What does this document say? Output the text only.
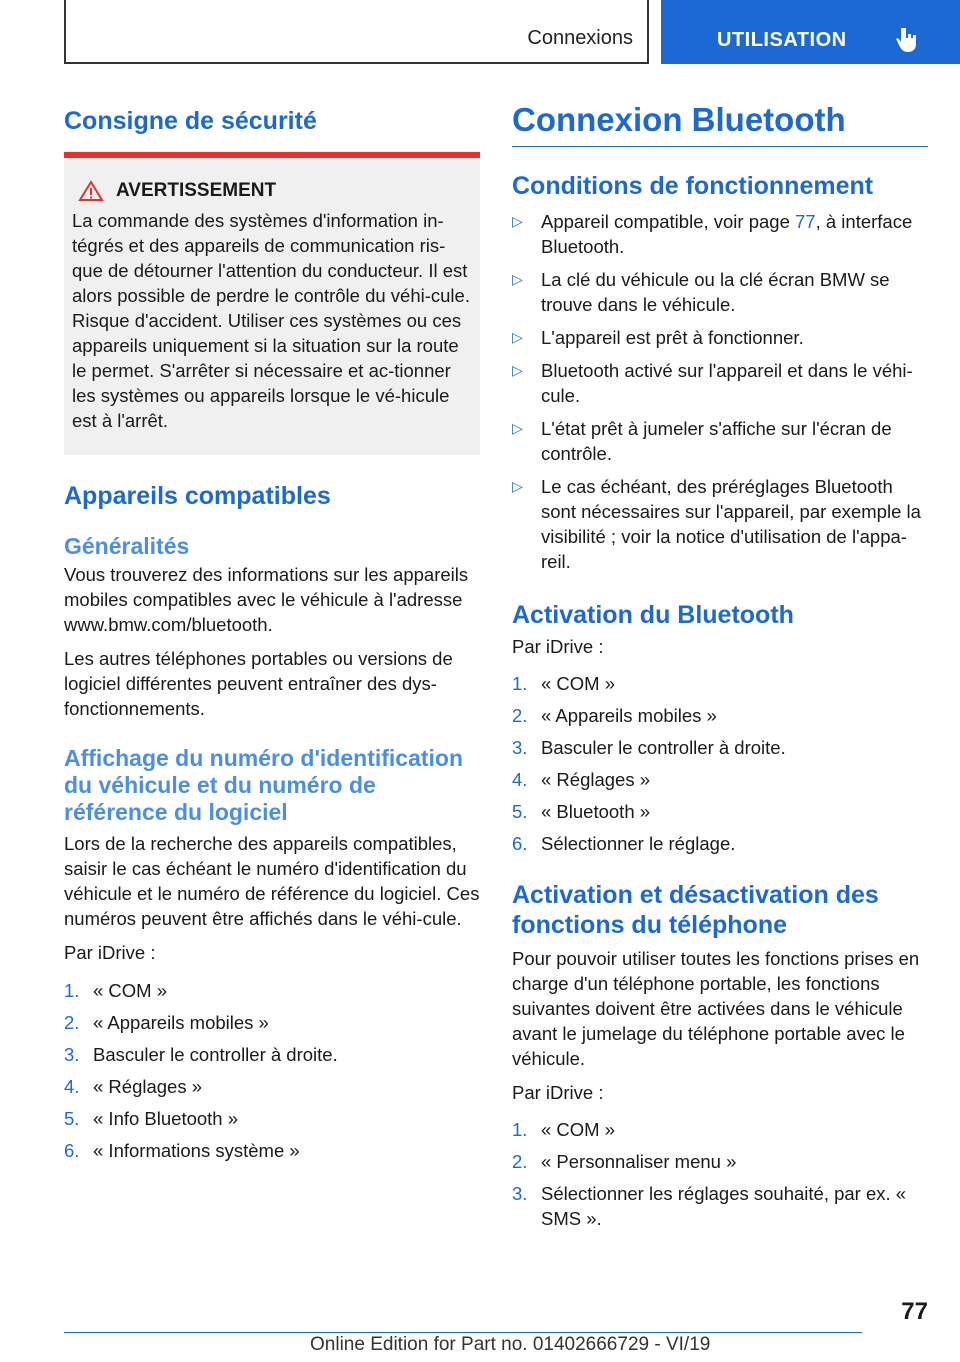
Connexions	UTILISATION
Consigne de sécurité
AVERTISSEMENT

La commande des systèmes d'information in-tégrés et des appareils de communication ris-que de détourner l'attention du conducteur. Il est alors possible de perdre le contrôle du véhi-cule. Risque d'accident. Utiliser ces systèmes ou ces appareils uniquement si la situation sur la route le permet. S'arrêter si nécessaire et ac-tionner les systèmes ou appareils lorsque le vé-hicule est à l'arrêt.

Appareils compatibles
Généralités

Vous trouverez des informations sur les appareils mobiles compatibles avec le véhicule à l'adresse www.bmw.com/bluetooth.

Les autres téléphones portables ou versions de logiciel différentes peuvent entraîner des dys-fonctionnements.

Affichage du numéro d'identification du véhicule et du numéro de référence du logiciel

Lors de la recherche des appareils compatibles, saisir le cas échéant le numéro d'identification du véhicule et le numéro de référence du logiciel. Ces numéros peuvent être affichés dans le véhi-cule.

Par iDrive :

1. « COM »
2. « Appareils mobiles »
3. Basculer le controller à droite.
4. « Réglages »
5. « Info Bluetooth »
6. « Informations système »
Connexion Bluetooth
Conditions de fonctionnement
▷ Appareil compatible, voir page 77, à interface Bluetooth.
▷ La clé du véhicule ou la clé écran BMW se trouve dans le véhicule.
▷ L'appareil est prêt à fonctionner.
▷ Bluetooth activé sur l'appareil et dans le véhi-cule.
▷ L'état prêt à jumeler s'affiche sur l'écran de contrôle.
▷ Le cas échéant, des préréglages Bluetooth sont nécessaires sur l'appareil, par exemple la visibilité ; voir la notice d'utilisation de l'appa-reil.
Activation du Bluetooth

Par iDrive :

1. « COM »
2. « Appareils mobiles »
3. Basculer le controller à droite.
4. « Réglages »
5. « Bluetooth »
6. Sélectionner le réglage.
Activation et désactivation des fonctions du téléphone

Pour pouvoir utiliser toutes les fonctions prises en charge d'un téléphone portable, les fonctions suivantes doivent être activées dans le véhicule avant le jumelage du téléphone portable avec le véhicule.

Par iDrive :

1. « COM »
2. « Personnaliser menu »
3. Sélectionner les réglages souhaité, par ex. « SMS ».
77
Online Edition for Part no. 01402666729 - VI/19
